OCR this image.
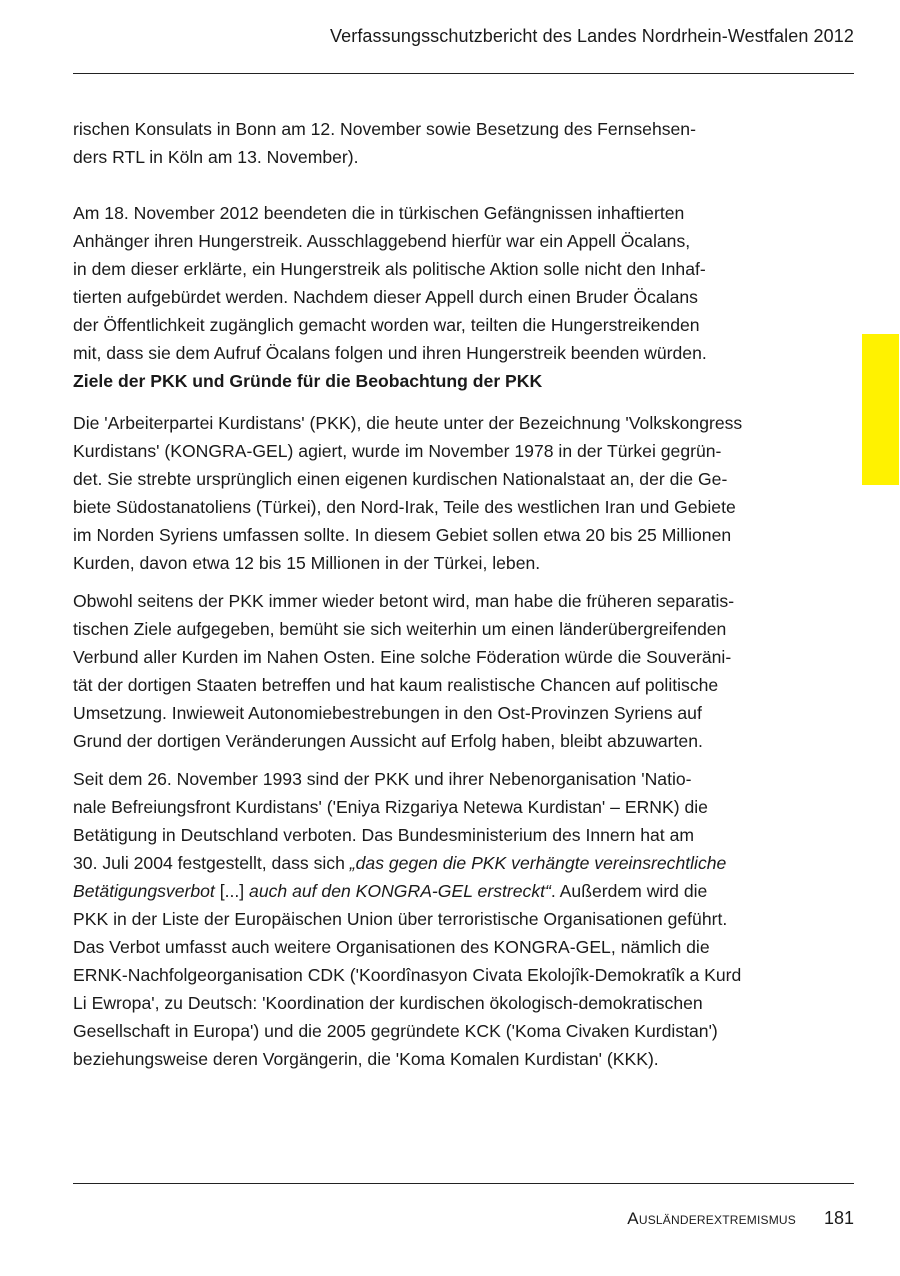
Verfassungsschutzbericht des Landes Nordrhein-Westfalen 2012

rischen Konsulats in Bonn am 12. November sowie Besetzung des Fernsehsen-
ders RTL in Köln am 13. November).

Am 18. November 2012 beendeten die in türkischen Gefängnissen inhaftierten
Anhänger ihren Hungerstreik. Ausschlaggebend hierfür war ein Appell Öcalans,
in dem dieser erklärte, ein Hungerstreik als politische Aktion solle nicht den Inhaf-
tierten aufgebürdet werden. Nachdem dieser Appell durch einen Bruder Öcalans
der Öffentlichkeit zugänglich gemacht worden war, teilten die Hungerstreikenden
mit, dass sie dem Aufruf Öcalans folgen und ihren Hungerstreik beenden würden.

Ziele der PKK und Gründe für die Beobachtung der PKK

Die 'Arbeiterpartei Kurdistans' (PKK), die heute unter der Bezeichnung 'Volkskongress
Kurdistans' (KONGRA-GEL) agiert, wurde im November 1978 in der Türkei gegrün-
det. Sie strebte ursprünglich einen eigenen kurdischen Nationalstaat an, der die Ge-
biete Südostanatoliens (Türkei), den Nord-Irak, Teile des westlichen Iran und Gebiete
im Norden Syriens umfassen sollte. In diesem Gebiet sollen etwa 20 bis 25 Millionen
Kurden, davon etwa 12 bis 15 Millionen in der Türkei, leben.

Obwohl seitens der PKK immer wieder betont wird, man habe die früheren separatis-
tischen Ziele aufgegeben, bemüht sie sich weiterhin um einen länderübergreifenden
Verbund aller Kurden im Nahen Osten. Eine solche Föderation würde die Souveräni-
tät der dortigen Staaten betreffen und hat kaum realistische Chancen auf politische
Umsetzung. Inwieweit Autonomiebestrebungen in den Ost-Provinzen Syriens auf
Grund der dortigen Veränderungen Aussicht auf Erfolg haben, bleibt abzuwarten.

Seit dem 26. November 1993 sind der PKK und ihrer Nebenorganisation 'Natio-
nale Befreiungsfront Kurdistans' ('Eniya Rizgariya Netewa Kurdistan' – ERNK) die
Betätigung in Deutschland verboten. Das Bundesministerium des Innern hat am
30. Juli 2004 festgestellt, dass sich „das gegen die PKK verhängte vereinsrechtliche
Betätigungsverbot [...] auch auf den KONGRA-GEL erstreckt“. Außerdem wird die
PKK in der Liste der Europäischen Union über terroristische Organisationen geführt.
Das Verbot umfasst auch weitere Organisationen des KONGRA-GEL, nämlich die
ERNK-Nachfolgeorganisation CDK ('Koordînasyon Civata Ekolojîk-Demokratîk a Kurd
Li Ewropa', zu Deutsch: 'Koordination der kurdischen ökologisch-demokratischen
Gesellschaft in Europa') und die 2005 gegründete KCK ('Koma Civaken Kurdistan')
beziehungsweise deren Vorgängerin, die 'Koma Komalen Kurdistan' (KKK).

Ausländerextremismus 181
